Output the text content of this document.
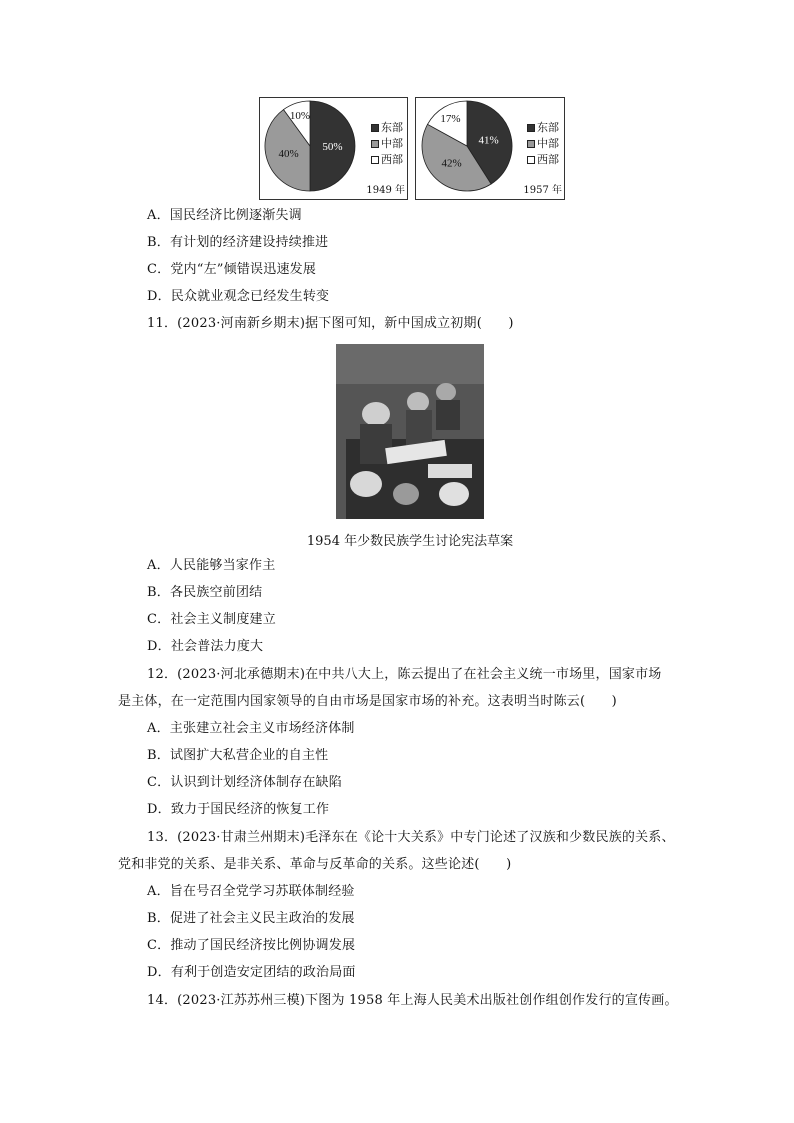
50%
40%
10%
东部
中部
西部
1949 年
41%
42%
17%
东部
中部
西部
1957 年
A．国民经济比例逐渐失调
B．有计划的经济建设持续推进
C．党内“左”倾错误迅速发展
D．民众就业观念已经发生转变
11．(2023·河南新乡期末)据下图可知，新中国成立初期(　　)
1954 年少数民族学生讨论宪法草案
A．人民能够当家作主
B．各民族空前团结
C．社会主义制度建立
D．社会普法力度大
12．(2023·河北承德期末)在中共八大上，陈云提出了在社会主义统一市场里，国家市场
是主体，在一定范围内国家领导的自由市场是国家市场的补充。这表明当时陈云(　　)
A．主张建立社会主义市场经济体制
B．试图扩大私营企业的自主性
C．认识到计划经济体制存在缺陷
D．致力于国民经济的恢复工作
13．(2023·甘肃兰州期末)毛泽东在《论十大关系》中专门论述了汉族和少数民族的关系、
党和非党的关系、是非关系、革命与反革命的关系。这些论述(　　)
A．旨在号召全党学习苏联体制经验
B．促进了社会主义民主政治的发展
C．推动了国民经济按比例协调发展
D．有利于创造安定团结的政治局面
14．(2023·江苏苏州三模)下图为 1958 年上海人民美术出版社创作组创作发行的宣传画。
